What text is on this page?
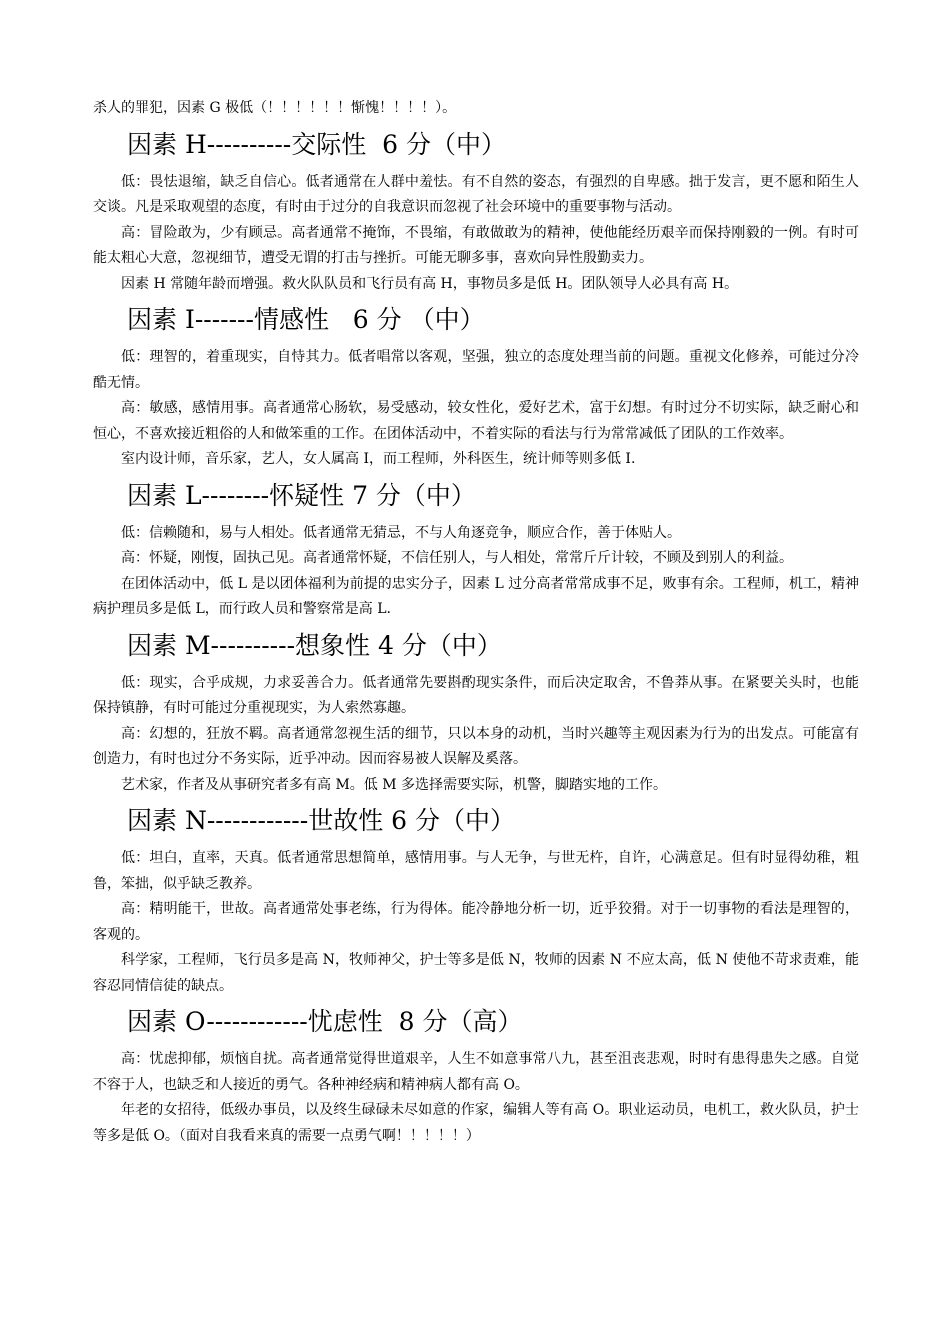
杀人的罪犯，因素 G 极低（！！！！！！惭愧！！！！）。

因素 H----------交际性  6 分（中）

低：畏怯退缩，缺乏自信心。低者通常在人群中羞怯。有不自然的姿态，有强烈的自卑感。拙于发言，更不愿和陌生人交谈。凡是采取观望的态度，有时由于过分的自我意识而忽视了社会环境中的重要事物与活动。

高：冒险敢为，少有顾忌。高者通常不掩饰，不畏缩，有敢做敢为的精神，使他能经历艰辛而保持刚毅的一例。有时可能太粗心大意，忽视细节，遭受无谓的打击与挫折。可能无聊多事，喜欢向异性殷勤卖力。

因素 H 常随年龄而增强。救火队队员和飞行员有高 H，事物员多是低 H。团队领导人必具有高 H。

因素 I-------情感性   6 分 （中）

低：理智的，着重现实，自恃其力。低者唱常以客观，坚强，独立的态度处理当前的问题。重视文化修养，可能过分冷酷无情。

高：敏感，感情用事。高者通常心肠软，易受感动，较女性化，爱好艺术，富于幻想。有时过分不切实际，缺乏耐心和恒心，不喜欢接近粗俗的人和做笨重的工作。在团体活动中，不着实际的看法与行为常常减低了团队的工作效率。

室内设计师，音乐家，艺人，女人属高 I，而工程师，外科医生，统计师等则多低 I.

因素 L--------怀疑性 7 分（中）

低：信赖随和，易与人相处。低者通常无猜忌，不与人角逐竞争，顺应合作，善于体贴人。

高：怀疑，刚愎，固执己见。高者通常怀疑，不信任别人，与人相处，常常斤斤计较，不顾及到别人的利益。

在团体活动中，低 L 是以团体福利为前提的忠实分子，因素 L 过分高者常常成事不足，败事有余。工程师，机工，精神病护理员多是低 L，而行政人员和警察常是高 L.

因素 M----------想象性 4 分（中）

低：现实，合乎成规，力求妥善合力。低者通常先要斟酌现实条件，而后决定取舍，不鲁莽从事。在紧要关头时，也能保持镇静，有时可能过分重视现实，为人索然寡趣。

高：幻想的，狂放不羁。高者通常忽视生活的细节，只以本身的动机，当时兴趣等主观因素为行为的出发点。可能富有创造力，有时也过分不务实际，近乎冲动。因而容易被人误解及奚落。

艺术家，作者及从事研究者多有高 M。低 M 多选择需要实际，机警，脚踏实地的工作。

因素 N------------世故性 6 分（中）

低：坦白，直率，天真。低者通常思想简单，感情用事。与人无争，与世无杵，自许，心满意足。但有时显得幼稚，粗鲁，笨拙，似乎缺乏教养。

高：精明能干，世故。高者通常处事老练，行为得体。能冷静地分析一切，近乎狡猾。对于一切事物的看法是理智的，客观的。

科学家，工程师，飞行员多是高 N，牧师神父，护士等多是低 N，牧师的因素 N 不应太高，低 N 使他不苛求责难，能容忍同情信徒的缺点。

因素 O------------忧虑性  8 分（高）

高：忧虑抑郁，烦恼自扰。高者通常觉得世道艰辛，人生不如意事常八九，甚至沮丧悲观，时时有患得患失之感。自觉不容于人，也缺乏和人接近的勇气。各种神经病和精神病人都有高 O。

年老的女招待，低级办事员，以及终生碌碌未尽如意的作家，编辑人等有高 O。职业运动员，电机工，救火队员，护士等多是低 O。（面对自我看来真的需要一点勇气啊！！！！！）
